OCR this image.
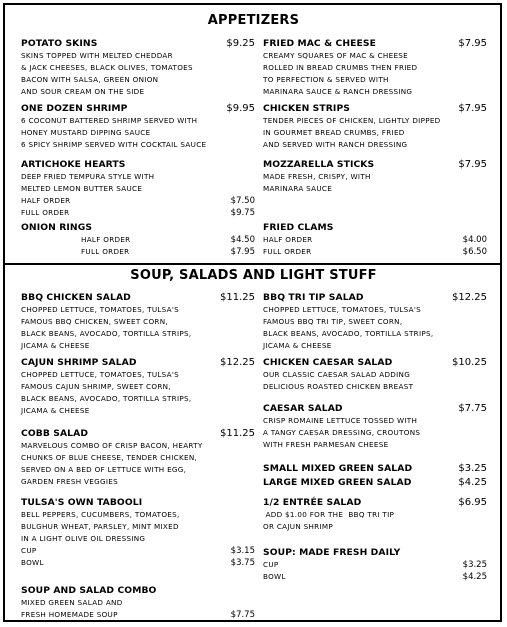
APPETIZERS
POTATO SKINS	$9.25
SKINS TOPPED WITH MELTED CHEDDAR
& JACK CHEESES, BLACK OLIVES, TOMATOES
BACON WITH SALSA, GREEN ONION
AND SOUR CREAM ON THE SIDE
ONE DOZEN SHRIMP	$9.95
6 COCONUT BATTERED SHRIMP SERVED WITH
HONEY MUSTARD DIPPING SAUCE
6 SPICY SHRIMP SERVED WITH COCKTAIL SAUCE
ARTICHOKE HEARTS
DEEP FRIED TEMPURA STYLE WITH
MELTED LEMON BUTTER SAUCE
HALF ORDER	$7.50
FULL ORDER	$9.75
ONION RINGS
HALF ORDER	$4.50
FULL ORDER	$7.95
FRIED MAC & CHEESE	$7.95
CREAMY SQUARES OF MAC & CHEESE
ROLLED IN BREAD CRUMBS THEN FRIED
TO PERFECTION & SERVED WITH
MARINARA SAUCE & RANCH DRESSING
CHICKEN STRIPS	$7.95
TENDER PIECES OF CHICKEN, LIGHTLY DIPPED
IN GOURMET BREAD CRUMBS, FRIED
AND SERVED WITH RANCH DRESSING
MOZZARELLA STICKS	$7.95
MADE FRESH, CRISPY, WITH
MARINARA SAUCE
FRIED CLAMS
HALF ORDER	$4.00
FULL ORDER	$6.50
SOUP, SALADS AND LIGHT STUFF
BBQ CHICKEN SALAD	$11.25
CHOPPED LETTUCE, TOMATOES, TULSA'S
FAMOUS BBQ CHICKEN, SWEET CORN,
BLACK BEANS, AVOCADO, TORTILLA STRIPS,
JICAMA & CHEESE
CAJUN SHRIMP SALAD	$12.25
CHOPPED LETTUCE, TOMATOES, TULSA'S
FAMOUS CAJUN SHRIMP, SWEET CORN,
BLACK BEANS, AVOCADO, TORTILLA STRIPS,
JICAMA & CHEESE
COBB SALAD	$11.25
MARVELOUS COMBO OF CRISP BACON, HEARTY
CHUNKS OF BLUE CHEESE, TENDER CHICKEN,
SERVED ON A BED OF LETTUCE WITH EGG,
GARDEN FRESH VEGGIES
TULSA'S OWN TABOOLI
BELL PEPPERS, CUCUMBERS, TOMATOES,
BULGHUR WHEAT, PARSLEY, MINT MIXED
IN A LIGHT OLIVE OIL DRESSING
CUP	$3.15
BOWL	$3.75
SOUP AND SALAD COMBO
MIXED GREEN SALAD AND
FRESH HOMEMADE SOUP	$7.75
BBQ TRI TIP SALAD	$12.25
CHOPPED LETTUCE, TOMATOES, TULSA'S
FAMOUS BBQ TRI TIP, SWEET CORN,
BLACK BEANS, AVOCADO, TORTILLA STRIPS,
JICAMA & CHEESE
CHICKEN CAESAR SALAD	$10.25
OUR CLASSIC CAESAR SALAD ADDING
DELICIOUS ROASTED CHICKEN BREAST
CAESAR SALAD	$7.75
CRISP ROMAINE LETTUCE TOSSED WITH
A TANGY CAESAR DRESSING, CROUTONS
WITH FRESH PARMESAN CHEESE
SMALL MIXED GREEN SALAD	$3.25
LARGE MIXED GREEN SALAD	$4.25
1/2 ENTRÉE SALAD	$6.95
ADD $1.00 FOR THE  BBQ TRI TIP
OR CAJUN SHRIMP
SOUP: MADE FRESH DAILY
CUP	$3.25
BOWL	$4.25
